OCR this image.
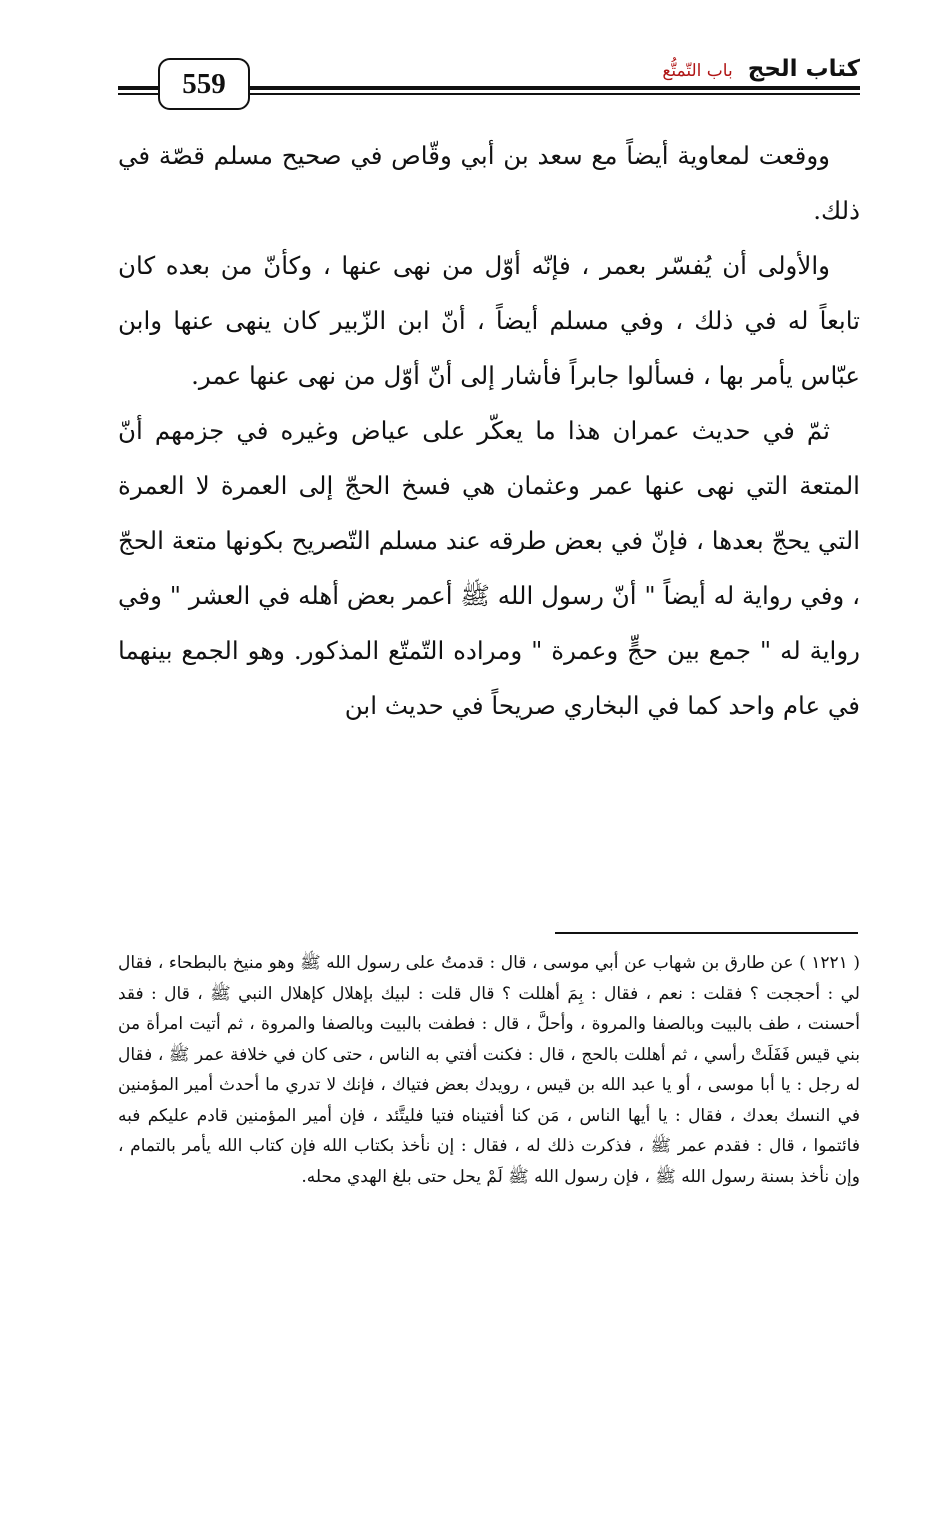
559	كتاب الحج باب التّمتُّع

ووقعت لمعاوية أيضاً مع سعد بن أبي وقّاص في صحيح مسلم قصّة في ذلك.

والأولى أن يُفسّر بعمر ، فإنّه أوّل من نهى عنها ، وكأنّ من بعده كان تابعاً له في ذلك ، وفي مسلم أيضاً ، أنّ ابن الزّبير كان ينهى عنها وابن عبّاس يأمر بها ، فسألوا جابراً فأشار إلى أنّ أوّل من نهى عنها عمر.

ثمّ في حديث عمران هذا ما يعكّر على عياض وغيره في جزمهم أنّ المتعة التي نهى عنها عمر وعثمان هي فسخ الحجّ إلى العمرة لا العمرة التي يحجّ بعدها ، فإنّ في بعض طرقه عند مسلم التّصريح بكونها متعة الحجّ ، وفي رواية له أيضاً " أنّ رسول الله ﷺ أعمر بعض أهله في العشر " وفي رواية له " جمع بين حجٍّ وعمرة " ومراده التّمتّع المذكور. وهو الجمع بينهما في عام واحد كما في البخاري صريحاً في حديث ابن

( ١٢٢١ ) عن طارق بن شهاب عن أبي موسى ، قال : قدمتُ على رسول الله ﷺ وهو منيخ بالبطحاء ، فقال لي : أحججت ؟ فقلت : نعم ، فقال : بِمَ أهللت ؟ قال قلت : لبيك بإهلال كإهلال النبي ﷺ ، قال : فقد أحسنت ، طف بالبيت وبالصفا والمروة ، وأحلَّ ، قال : فطفت بالبيت وبالصفا والمروة ، ثم أتيت امرأة من بني قيس فَفَلَتْ رأسي ، ثم أهللت بالحج ، قال : فكنت أفتي به الناس ، حتى كان في خلافة عمر ﷺ ، فقال له رجل : يا أبا موسى ، أو يا عبد الله بن قيس ، رويدك بعض فتياك ، فإنك لا تدري ما أحدث أمير المؤمنين في النسك بعدك ، فقال : يا أيها الناس ، مَن كنا أفتيناه فتيا فليتَّئد ، فإن أمير المؤمنين قادم عليكم فبه فائتموا ، قال : فقدم عمر ﷺ ، فذكرت ذلك له ، فقال : إن نأخذ بكتاب الله فإن كتاب الله يأمر بالتمام ، وإن نأخذ بسنة رسول الله ﷺ ، فإن رسول الله ﷺ لَمْ يحل حتى بلغ الهدي محله.
